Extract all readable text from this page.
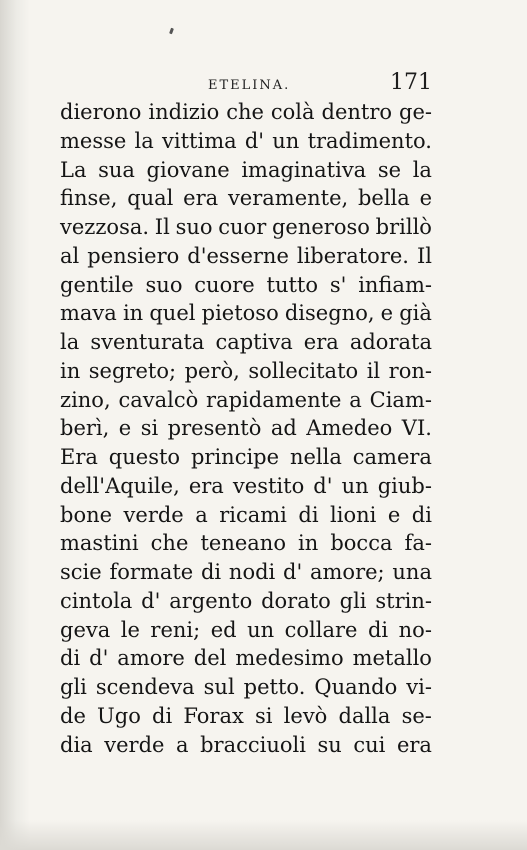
ETELINA.	171
dierono indizio che colà dentro ge-
messe la vittima d' un tradimento.
La sua giovane imaginativa se la
finse, qual era veramente, bella e
vezzosa. Il suo cuor generoso brillò
al pensiero d'esserne liberatore. Il
gentile suo cuore tutto s' infiam-
mava in quel pietoso disegno, e già
la sventurata captiva era adorata
in segreto; però, sollecitato il ron-
zino, cavalcò rapidamente a Ciam-
berì, e si presentò ad Amedeo VI.
Era questo principe nella camera
dell'Aquile, era vestito d' un giub-
bone verde a ricami di lioni e di
mastini che teneano in bocca fa-
scie formate di nodi d' amore; una
cintola d' argento dorato gli strin-
geva le reni; ed un collare di no-
di d' amore del medesimo metallo
gli scendeva sul petto. Quando vi-
de Ugo di Forax si levò dalla se-
dia verde a bracciuoli su cui era
